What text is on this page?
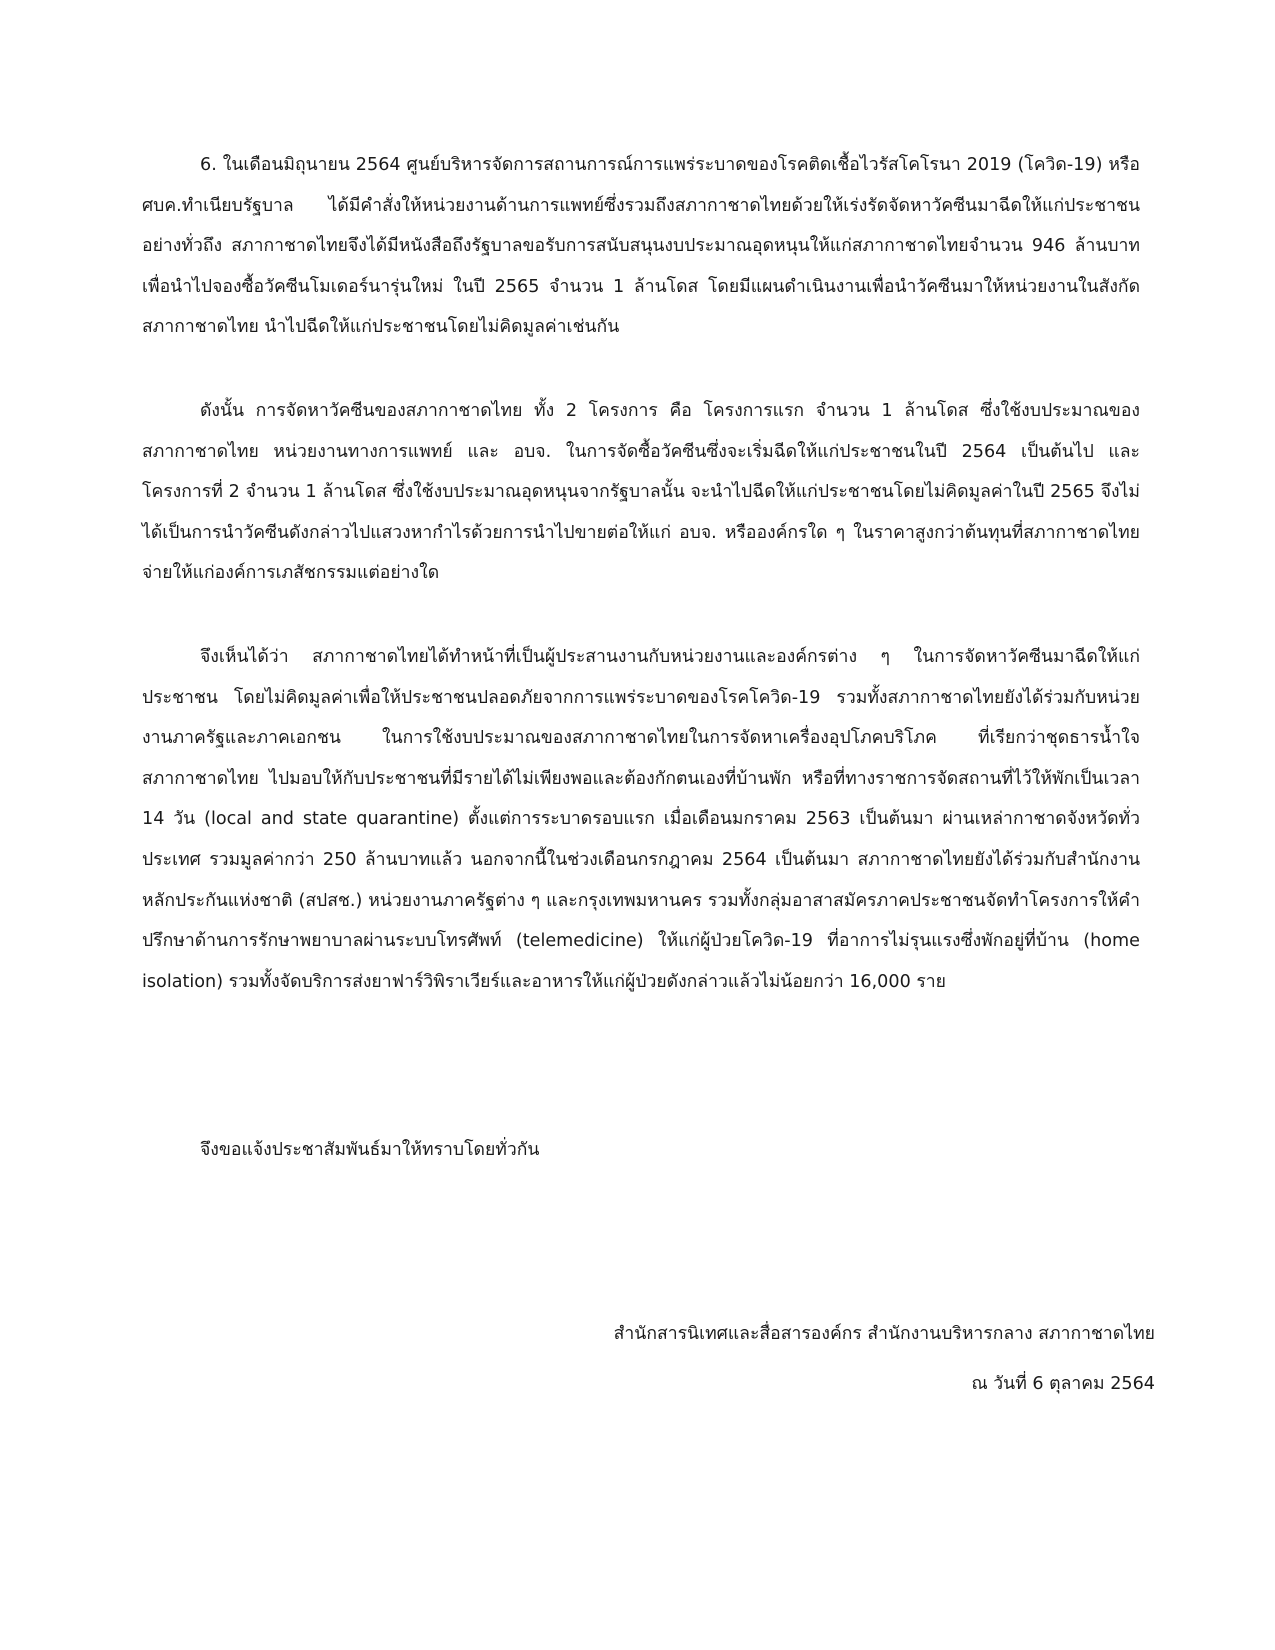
6. ในเดือนมิถุนายน 2564 ศูนย์บริหารจัดการสถานการณ์การแพร่ระบาดของโรคติดเชื้อไวรัสโคโรนา 2019 (โควิด-19) หรือศบค.ทำเนียบรัฐบาล ได้มีคำสั่งให้หน่วยงานด้านการแพทย์ซึ่งรวมถึงสภากาชาดไทยด้วยให้เร่งรัดจัดหาวัคซีนมาฉีดให้แก่ประชาชนอย่างทั่วถึง สภากาชาดไทยจึงได้มีหนังสือถึงรัฐบาลขอรับการสนับสนุนงบประมาณอุดหนุนให้แก่สภากาชาดไทยจำนวน 946 ล้านบาท เพื่อนำไปจองซื้อวัคซีนโมเดอร์นารุ่นใหม่ ในปี 2565 จำนวน 1 ล้านโดส โดยมีแผนดำเนินงานเพื่อนำวัคซีนมาให้หน่วยงานในสังกัดสภากาชาดไทย นำไปฉีดให้แก่ประชาชนโดยไม่คิดมูลค่าเช่นกัน

ดังนั้น การจัดหาวัคซีนของสภากาชาดไทย ทั้ง 2 โครงการ คือ โครงการแรก จำนวน 1 ล้านโดส ซึ่งใช้งบประมาณของสภากาชาดไทย หน่วยงานทางการแพทย์ และ อบจ. ในการจัดซื้อวัคซีนซึ่งจะเริ่มฉีดให้แก่ประชาชนในปี 2564 เป็นต้นไป และโครงการที่ 2 จำนวน 1 ล้านโดส ซึ่งใช้งบประมาณอุดหนุนจากรัฐบาลนั้น จะนำไปฉีดให้แก่ประชาชนโดยไม่คิดมูลค่าในปี 2565 จึงไม่ได้เป็นการนำวัคซีนดังกล่าวไปแสวงหากำไรด้วยการนำไปขายต่อให้แก่ อบจ. หรือองค์กรใด ๆ ในราคาสูงกว่าต้นทุนที่สภากาชาดไทยจ่ายให้แก่องค์การเภสัชกรรมแต่อย่างใด

จึงเห็นได้ว่า สภากาชาดไทยได้ทำหน้าที่เป็นผู้ประสานงานกับหน่วยงานและองค์กรต่าง ๆ ในการจัดหาวัคซีนมาฉีดให้แก่ประชาชน โดยไม่คิดมูลค่าเพื่อให้ประชาชนปลอดภัยจากการแพร่ระบาดของโรคโควิด-19 รวมทั้งสภากาชาดไทยยังได้ร่วมกับหน่วยงานภาครัฐและภาคเอกชน ในการใช้งบประมาณของสภากาชาดไทยในการจัดหาเครื่องอุปโภคบริโภค ที่เรียกว่าชุดธารน้ำใจสภากาชาดไทย ไปมอบให้กับประชาชนที่มีรายได้ไม่เพียงพอและต้องกักตนเองที่บ้านพัก หรือที่ทางราชการจัดสถานที่ไว้ให้พักเป็นเวลา 14 วัน (local and state quarantine) ตั้งแต่การระบาดรอบแรก เมื่อเดือนมกราคม 2563 เป็นต้นมา ผ่านเหล่ากาชาดจังหวัดทั่วประเทศ รวมมูลค่ากว่า 250 ล้านบาทแล้ว นอกจากนี้ในช่วงเดือนกรกฎาคม 2564 เป็นต้นมา สภากาชาดไทยยังได้ร่วมกับสำนักงานหลักประกันแห่งชาติ (สปสช.) หน่วยงานภาครัฐต่าง ๆ และกรุงเทพมหานคร รวมทั้งกลุ่มอาสาสมัครภาคประชาชนจัดทำโครงการให้คำปรึกษาด้านการรักษาพยาบาลผ่านระบบโทรศัพท์ (telemedicine) ให้แก่ผู้ป่วยโควิด-19 ที่อาการไม่รุนแรงซึ่งพักอยู่ที่บ้าน (home isolation) รวมทั้งจัดบริการส่งยาฟาร์วิพิราเวียร์และอาหารให้แก่ผู้ป่วยดังกล่าวแล้วไม่น้อยกว่า 16,000 ราย

จึงขอแจ้งประชาสัมพันธ์มาให้ทราบโดยทั่วกัน

สำนักสารนิเทศและสื่อสารองค์กร สำนักงานบริหารกลาง สภากาชาดไทย

ณ วันที่ 6 ตุลาคม 2564
